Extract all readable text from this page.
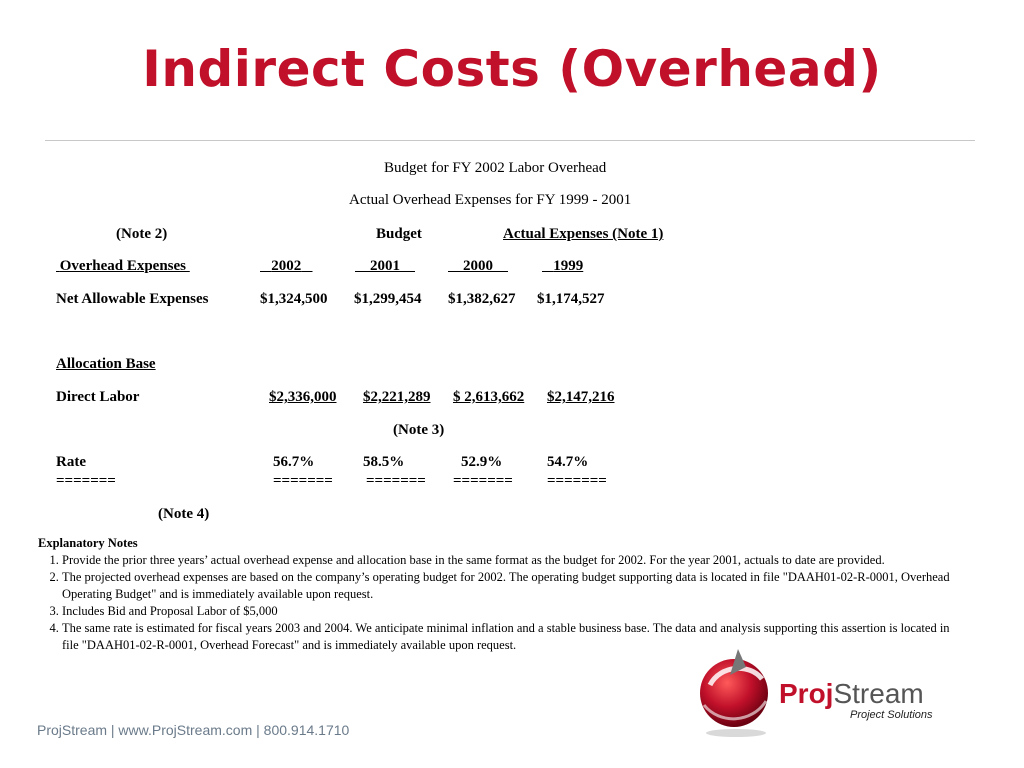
Indirect Costs (Overhead)
Budget for FY 2002 Labor Overhead
Actual Overhead Expenses for FY 1999 - 2001
(Note 2)	Budget	Actual Expenses (Note 1)
Overhead Expenses	2002	2001	2000	1999
Net Allowable Expenses	$1,324,500 $1,299,454 $1,382,627 $1,174,527
Allocation Base
Direct Labor	$2,336,000 $2,221,289 $ 2,613,662 $2,147,216
(Note 3)
Rate	56.7%	58.5%	52.9%	54.7%
=======	======= ======= ======= =======
(Note 4)
Explanatory Notes
1. Provide the prior three years’ actual overhead expense and allocation base in the same format as the budget for 2002. For the year 2001, actuals to date are provided.
2. The projected overhead expenses are based on the company’s operating budget for 2002. The operating budget supporting data is located in file "DAAH01-02-R-0001, Overhead Operating Budget" and is immediately available upon request.
3. Includes Bid and Proposal Labor of $5,000
4. The same rate is estimated for fiscal years 2003 and 2004. We anticipate minimal inflation and a stable business base. The data and analysis supporting this assertion is located in file "DAAH01-02-R-0001, Overhead Forecast" and is immediately available upon request.
ProjStream | www.ProjStream.com | 800.914.1710
ProjStream
Project Solutions
